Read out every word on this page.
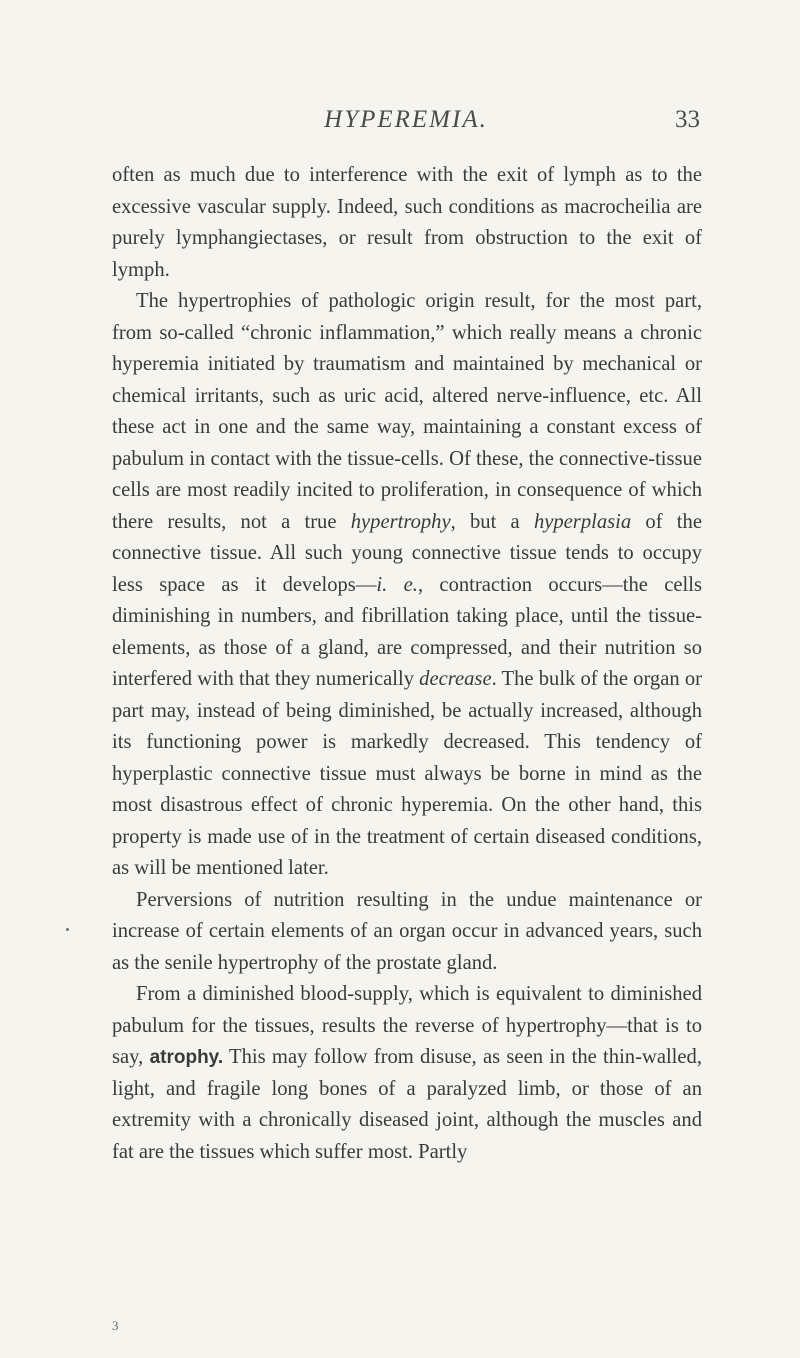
HYPEREMIA.	33

often as much due to interference with the exit of lymph as to the excessive vascular supply. Indeed, such conditions as macrocheilia are purely lymphangiectases, or result from obstruction to the exit of lymph.

The hypertrophies of pathologic origin result, for the most part, from so-called “chronic inflammation,” which really means a chronic hyperemia initiated by traumatism and maintained by mechanical or chemical irritants, such as uric acid, altered nerve-influence, etc. All these act in one and the same way, maintaining a constant excess of pabulum in contact with the tissue-cells. Of these, the connective-tissue cells are most readily incited to proliferation, in consequence of which there results, not a true hypertrophy, but a hyperplasia of the connective tissue. All such young connective tissue tends to occupy less space as it develops—i. e., contraction occurs—the cells diminishing in numbers, and fibrillation taking place, until the tissue-elements, as those of a gland, are compressed, and their nutrition so interfered with that they numerically decrease. The bulk of the organ or part may, instead of being diminished, be actually increased, although its functioning power is markedly decreased. This tendency of hyperplastic connective tissue must always be borne in mind as the most disastrous effect of chronic hyperemia. On the other hand, this property is made use of in the treatment of certain diseased conditions, as will be mentioned later.

Perversions of nutrition resulting in the undue maintenance or increase of certain elements of an organ occur in advanced years, such as the senile hypertrophy of the prostate gland.

From a diminished blood-supply, which is equivalent to diminished pabulum for the tissues, results the reverse of hypertrophy—that is to say, atrophy. This may follow from disuse, as seen in the thin-walled, light, and fragile long bones of a paralyzed limb, or those of an extremity with a chronically diseased joint, although the muscles and fat are the tissues which suffer most. Partly

3
